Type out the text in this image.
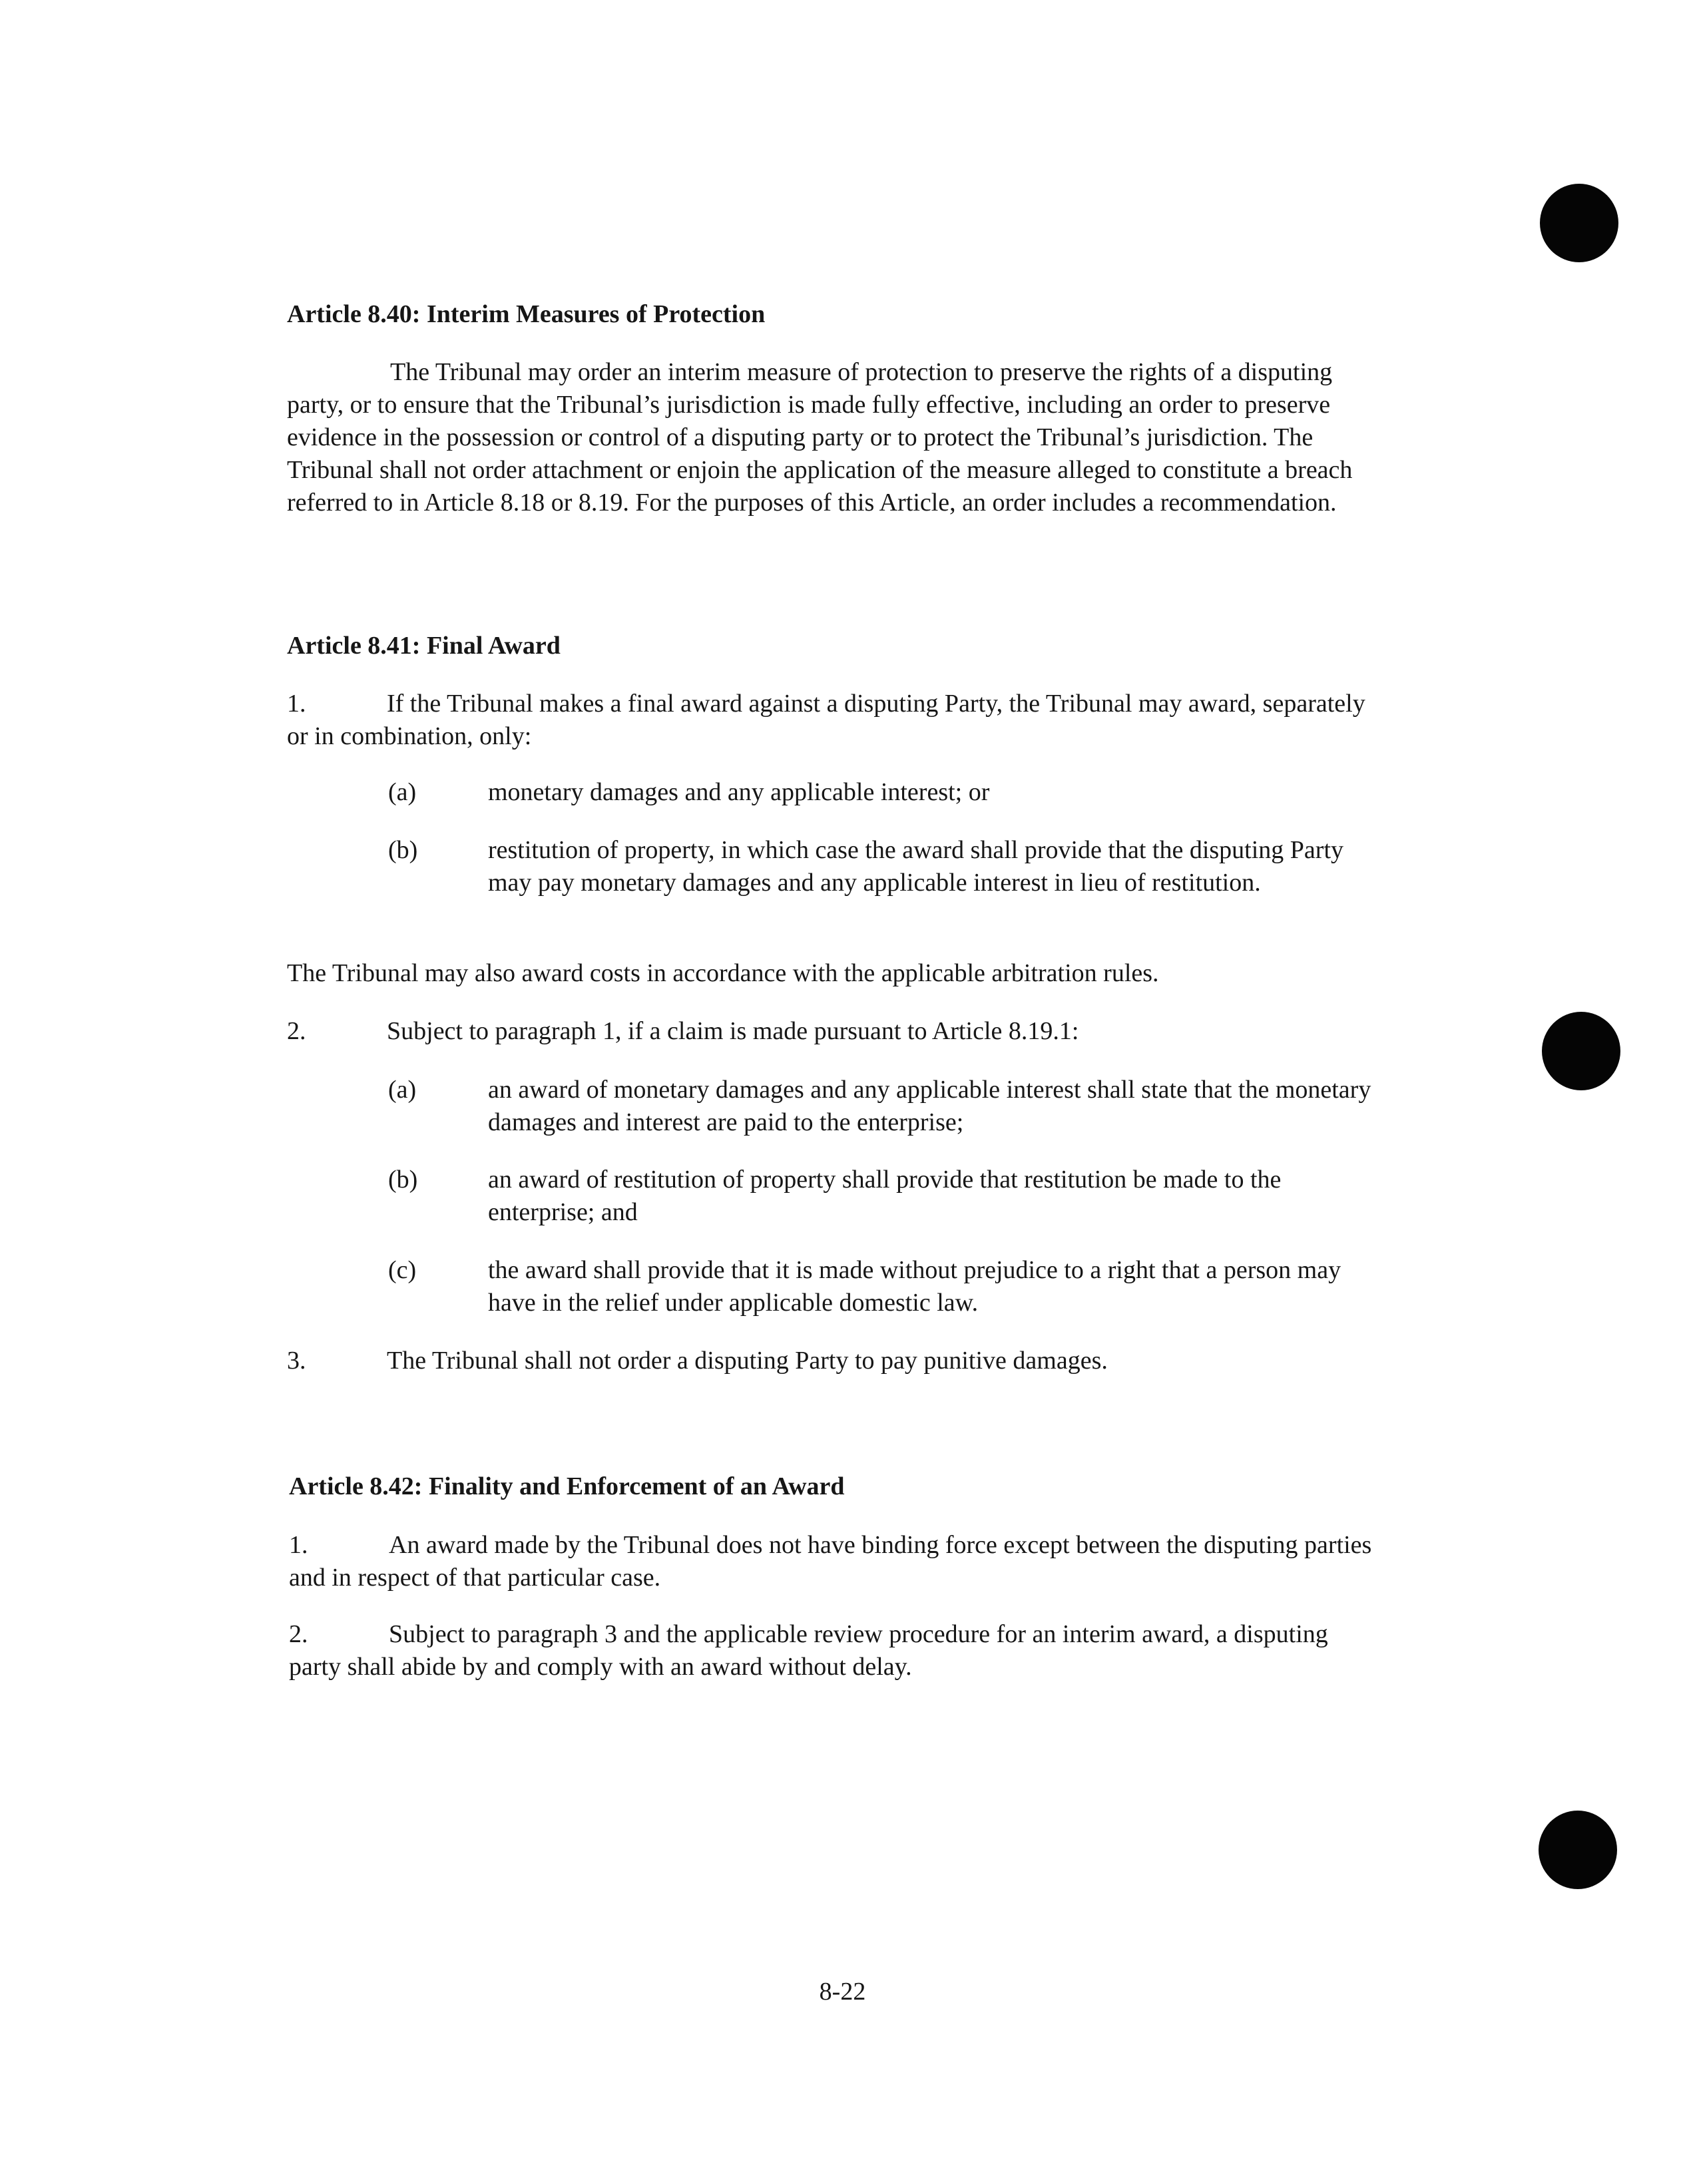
Article 8.40: Interim Measures of Protection
The Tribunal may order an interim measure of protection to preserve the rights of a disputing party, or to ensure that the Tribunal’s jurisdiction is made fully effective, including an order to preserve evidence in the possession or control of a disputing party or to protect the Tribunal’s jurisdiction. The Tribunal shall not order attachment or enjoin the application of the measure alleged to constitute a breach referred to in Article 8.18 or 8.19. For the purposes of this Article, an order includes a recommendation.
Article 8.41: Final Award
1.	If the Tribunal makes a final award against a disputing Party, the Tribunal may award, separately or in combination, only:
(a)	monetary damages and any applicable interest; or
(b)	restitution of property, in which case the award shall provide that the disputing Party may pay monetary damages and any applicable interest in lieu of restitution.
The Tribunal may also award costs in accordance with the applicable arbitration rules.
2.	Subject to paragraph 1, if a claim is made pursuant to Article 8.19.1:
(a)	an award of monetary damages and any applicable interest shall state that the monetary damages and interest are paid to the enterprise;
(b)	an award of restitution of property shall provide that restitution be made to the enterprise; and
(c)	the award shall provide that it is made without prejudice to a right that a person may have in the relief under applicable domestic law.
3.	The Tribunal shall not order a disputing Party to pay punitive damages.
Article 8.42: Finality and Enforcement of an Award
1.	An award made by the Tribunal does not have binding force except between the disputing parties and in respect of that particular case.
2.	Subject to paragraph 3 and the applicable review procedure for an interim award, a disputing party shall abide by and comply with an award without delay.
8-22
